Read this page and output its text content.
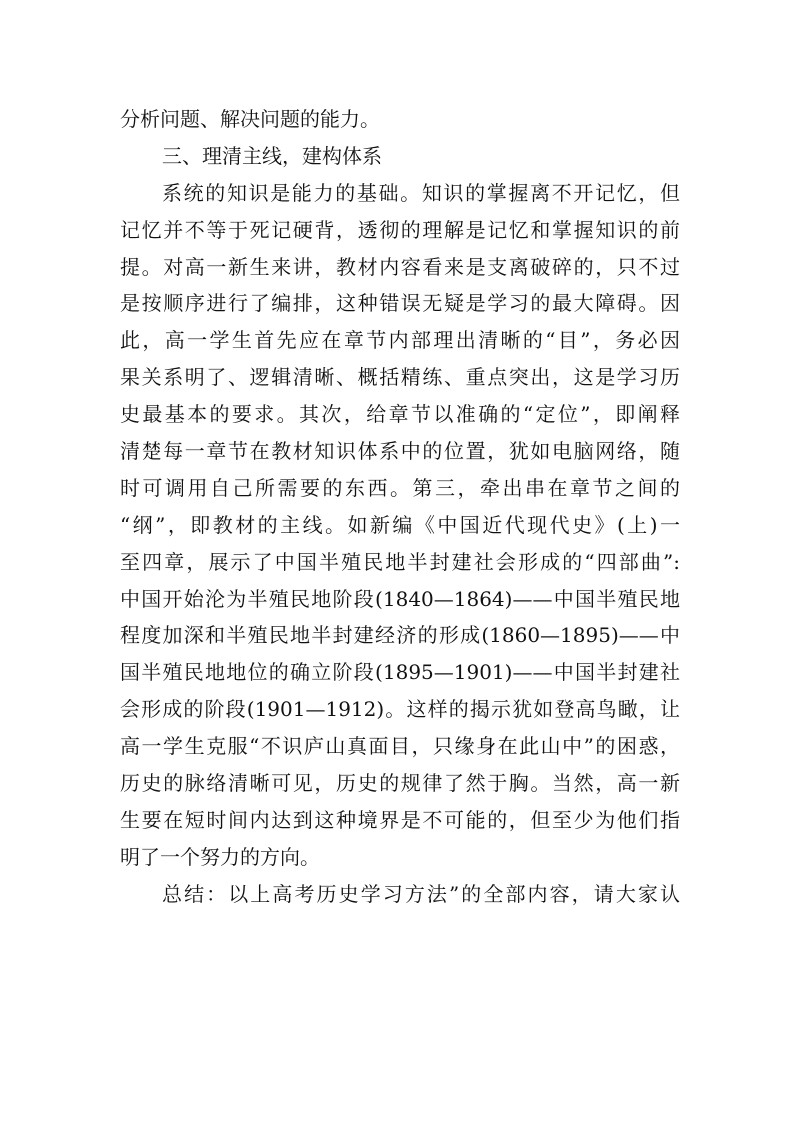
分析问题、解决问题的能力。
三、理清主线，建构体系
系统的知识是能力的基础。知识的掌握离不开记忆，但
记忆并不等于死记硬背，透彻的理解是记忆和掌握知识的前
提。对高一新生来讲，教材内容看来是支离破碎的，只不过
是按顺序进行了编排，这种错误无疑是学习的最大障碍。因
此，高一学生首先应在章节内部理出清晰的“目”，务必因
果关系明了、逻辑清晰、概括精练、重点突出，这是学习历
史最基本的要求。其次，给章节以准确的“定位”，即阐释
清楚每一章节在教材知识体系中的位置，犹如电脑网络，随
时可调用自己所需要的东西。第三，牵出串在章节之间的
“纲”，即教材的主线。如新编《中国近代现代史》(上)一
至四章，展示了中国半殖民地半封建社会形成的“四部曲”:
中国开始沦为半殖民地阶段(1840—1864)——中国半殖民地
程度加深和半殖民地半封建经济的形成(1860—1895)——中
国半殖民地地位的确立阶段(1895—1901)——中国半封建社
会形成的阶段(1901—1912)。这样的揭示犹如登高鸟瞰，让
高一学生克服“不识庐山真面目，只缘身在此山中”的困惑，
历史的脉络清晰可见，历史的规律了然于胸。当然，高一新
生要在短时间内达到这种境界是不可能的，但至少为他们指
明了一个努力的方向。
总结：以上高考历史学习方法”的全部内容，请大家认
